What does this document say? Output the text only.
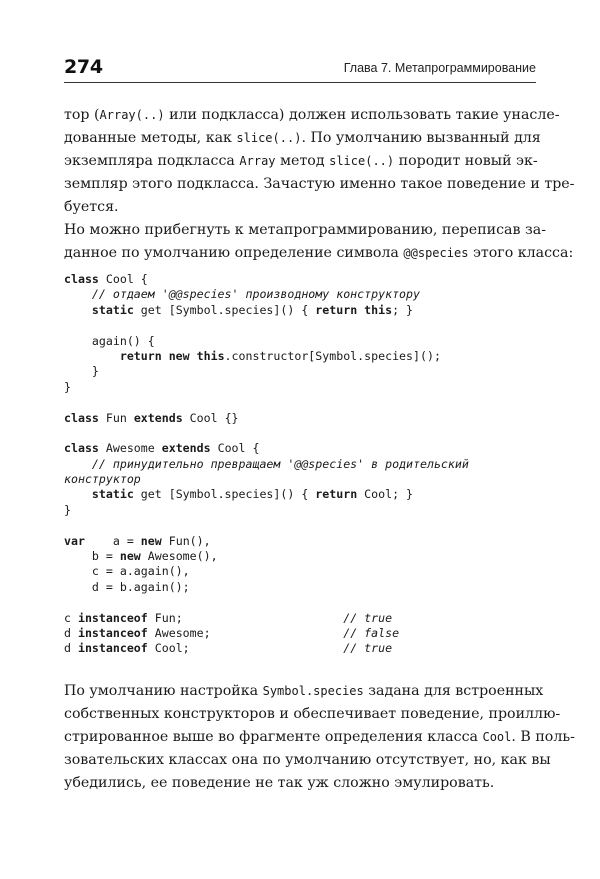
274	Глава 7. Метапрограммирование
тор (Array(..) или подкласса) должен использовать такие унасле-
дованные методы, как slice(..). По умолчанию вызванный для
экземпляра подкласса Array метод slice(..) породит новый эк-
земпляр этого подкласса. Зачастую именно такое поведение и тре-
буется.
Но можно прибегнуть к метапрограммированию, переписав за-
данное по умолчанию определение символа @@species этого класса:
class Cool {
// отдаем '@@species' производному конструктору
static get [Symbol.species]() { return this; }
again() {
return new this.constructor[Symbol.species]();
}
}
class Fun extends Cool {}
class Awesome extends Cool {
// принудительно превращаем '@@species' в родительский
конструктор
static get [Symbol.species]() { return Cool; }
}
var    a = new Fun(),
b = new Awesome(),
c = a.again(),
d = b.again();
c instanceof Fun;                       // true
d instanceof Awesome;                   // false
d instanceof Cool;                      // true
По умолчанию настройка Symbol.species задана для встроенных
собственных конструкторов и обеспечивает поведение, проиллю-
стрированное выше во фрагменте определения класса Cool. В поль-
зовательских классах она по умолчанию отсутствует, но, как вы
убедились, ее поведение не так уж сложно эмулировать.
